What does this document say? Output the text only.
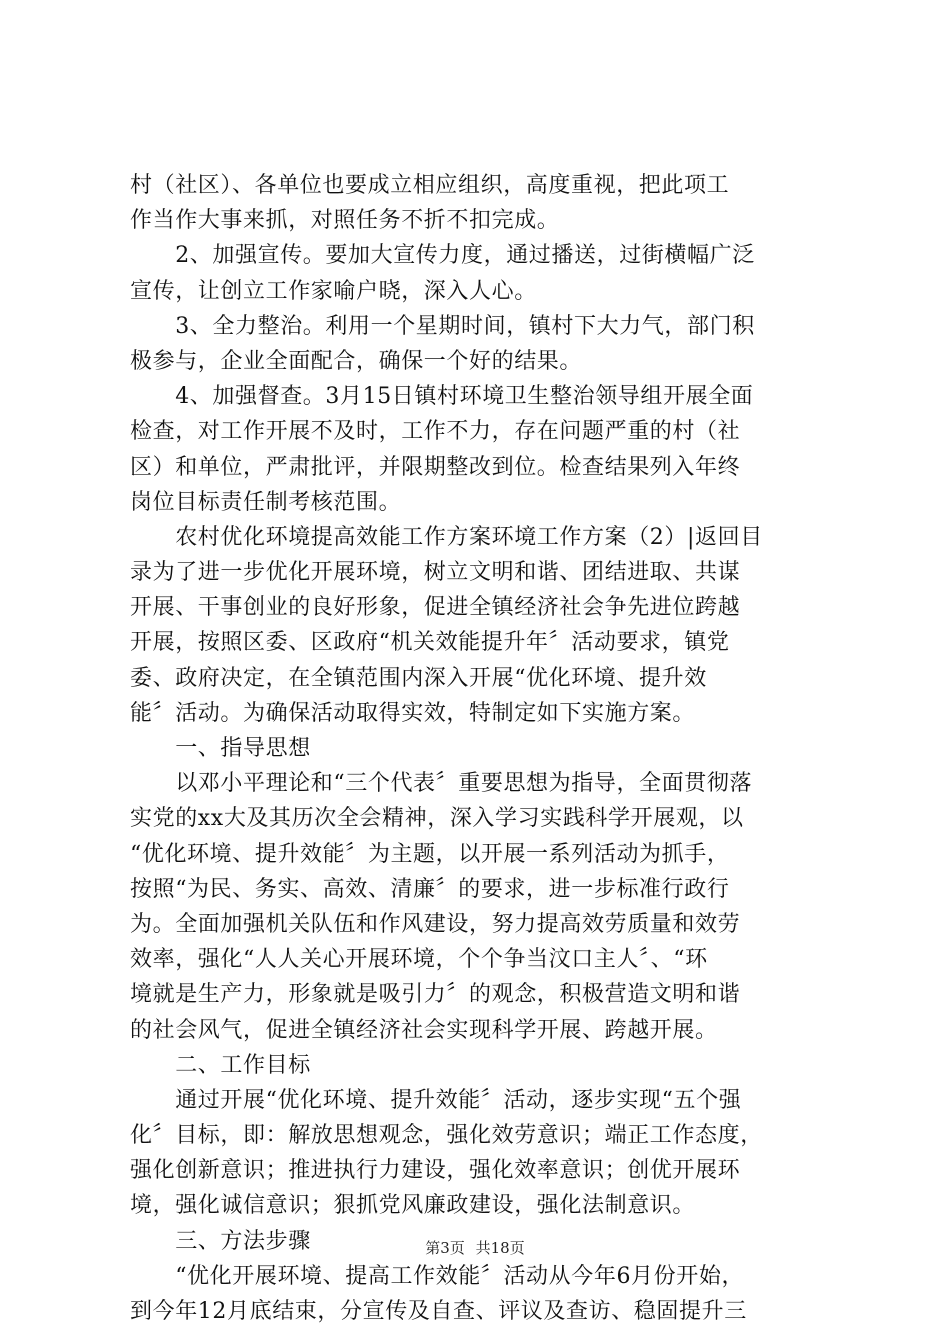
村（社区）、各单位也要成立相应组织，高度重视，把此项工
作当作大事来抓，对照任务不折不扣完成。
　　2、加强宣传。要加大宣传力度，通过播送，过街横幅广泛
宣传，让创立工作家喻户晓，深入人心。
　　3、全力整治。利用一个星期时间，镇村下大力气，部门积
极参与，企业全面配合，确保一个好的结果。
　　4、加强督查。3月15日镇村环境卫生整治领导组开展全面
检查，对工作开展不及时，工作不力，存在问题严重的村（社
区）和单位，严肃批评，并限期整改到位。检查结果列入年终
岗位目标责任制考核范围。
　　农村优化环境提高效能工作方案环境工作方案（2）|返回目
录为了进一步优化开展环境，树立文明和谐、团结进取、共谋
开展、干事创业的良好形象，促进全镇经济社会争先进位跨越
开展，按照区委、区政府“机关效能提升年〞活动要求，镇党
委、政府决定，在全镇范围内深入开展“优化环境、提升效
能〞活动。为确保活动取得实效，特制定如下实施方案。
　　一、指导思想
　　以邓小平理论和“三个代表〞重要思想为指导，全面贯彻落
实党的xx大及其历次全会精神，深入学习实践科学开展观，以
“优化环境、提升效能〞为主题，以开展一系列活动为抓手，
按照“为民、务实、高效、清廉〞的要求，进一步标准行政行
为。全面加强机关队伍和作风建设，努力提高效劳质量和效劳
效率，强化“人人关心开展环境，个个争当汶口主人〞、“环
境就是生产力，形象就是吸引力〞的观念，积极营造文明和谐
的社会风气，促进全镇经济社会实现科学开展、跨越开展。
　　二、工作目标
　　通过开展“优化环境、提升效能〞活动，逐步实现“五个强
化〞目标，即：解放思想观念，强化效劳意识；端正工作态度，
强化创新意识；推进执行力建设，强化效率意识；创优开展环
境，强化诚信意识；狠抓党风廉政建设，强化法制意识。
　　三、方法步骤
　　“优化开展环境、提高工作效能〞活动从今年6月份开始，
到今年12月底结束，分宣传及自查、评议及查访、稳固提升三
第3页 共18页
